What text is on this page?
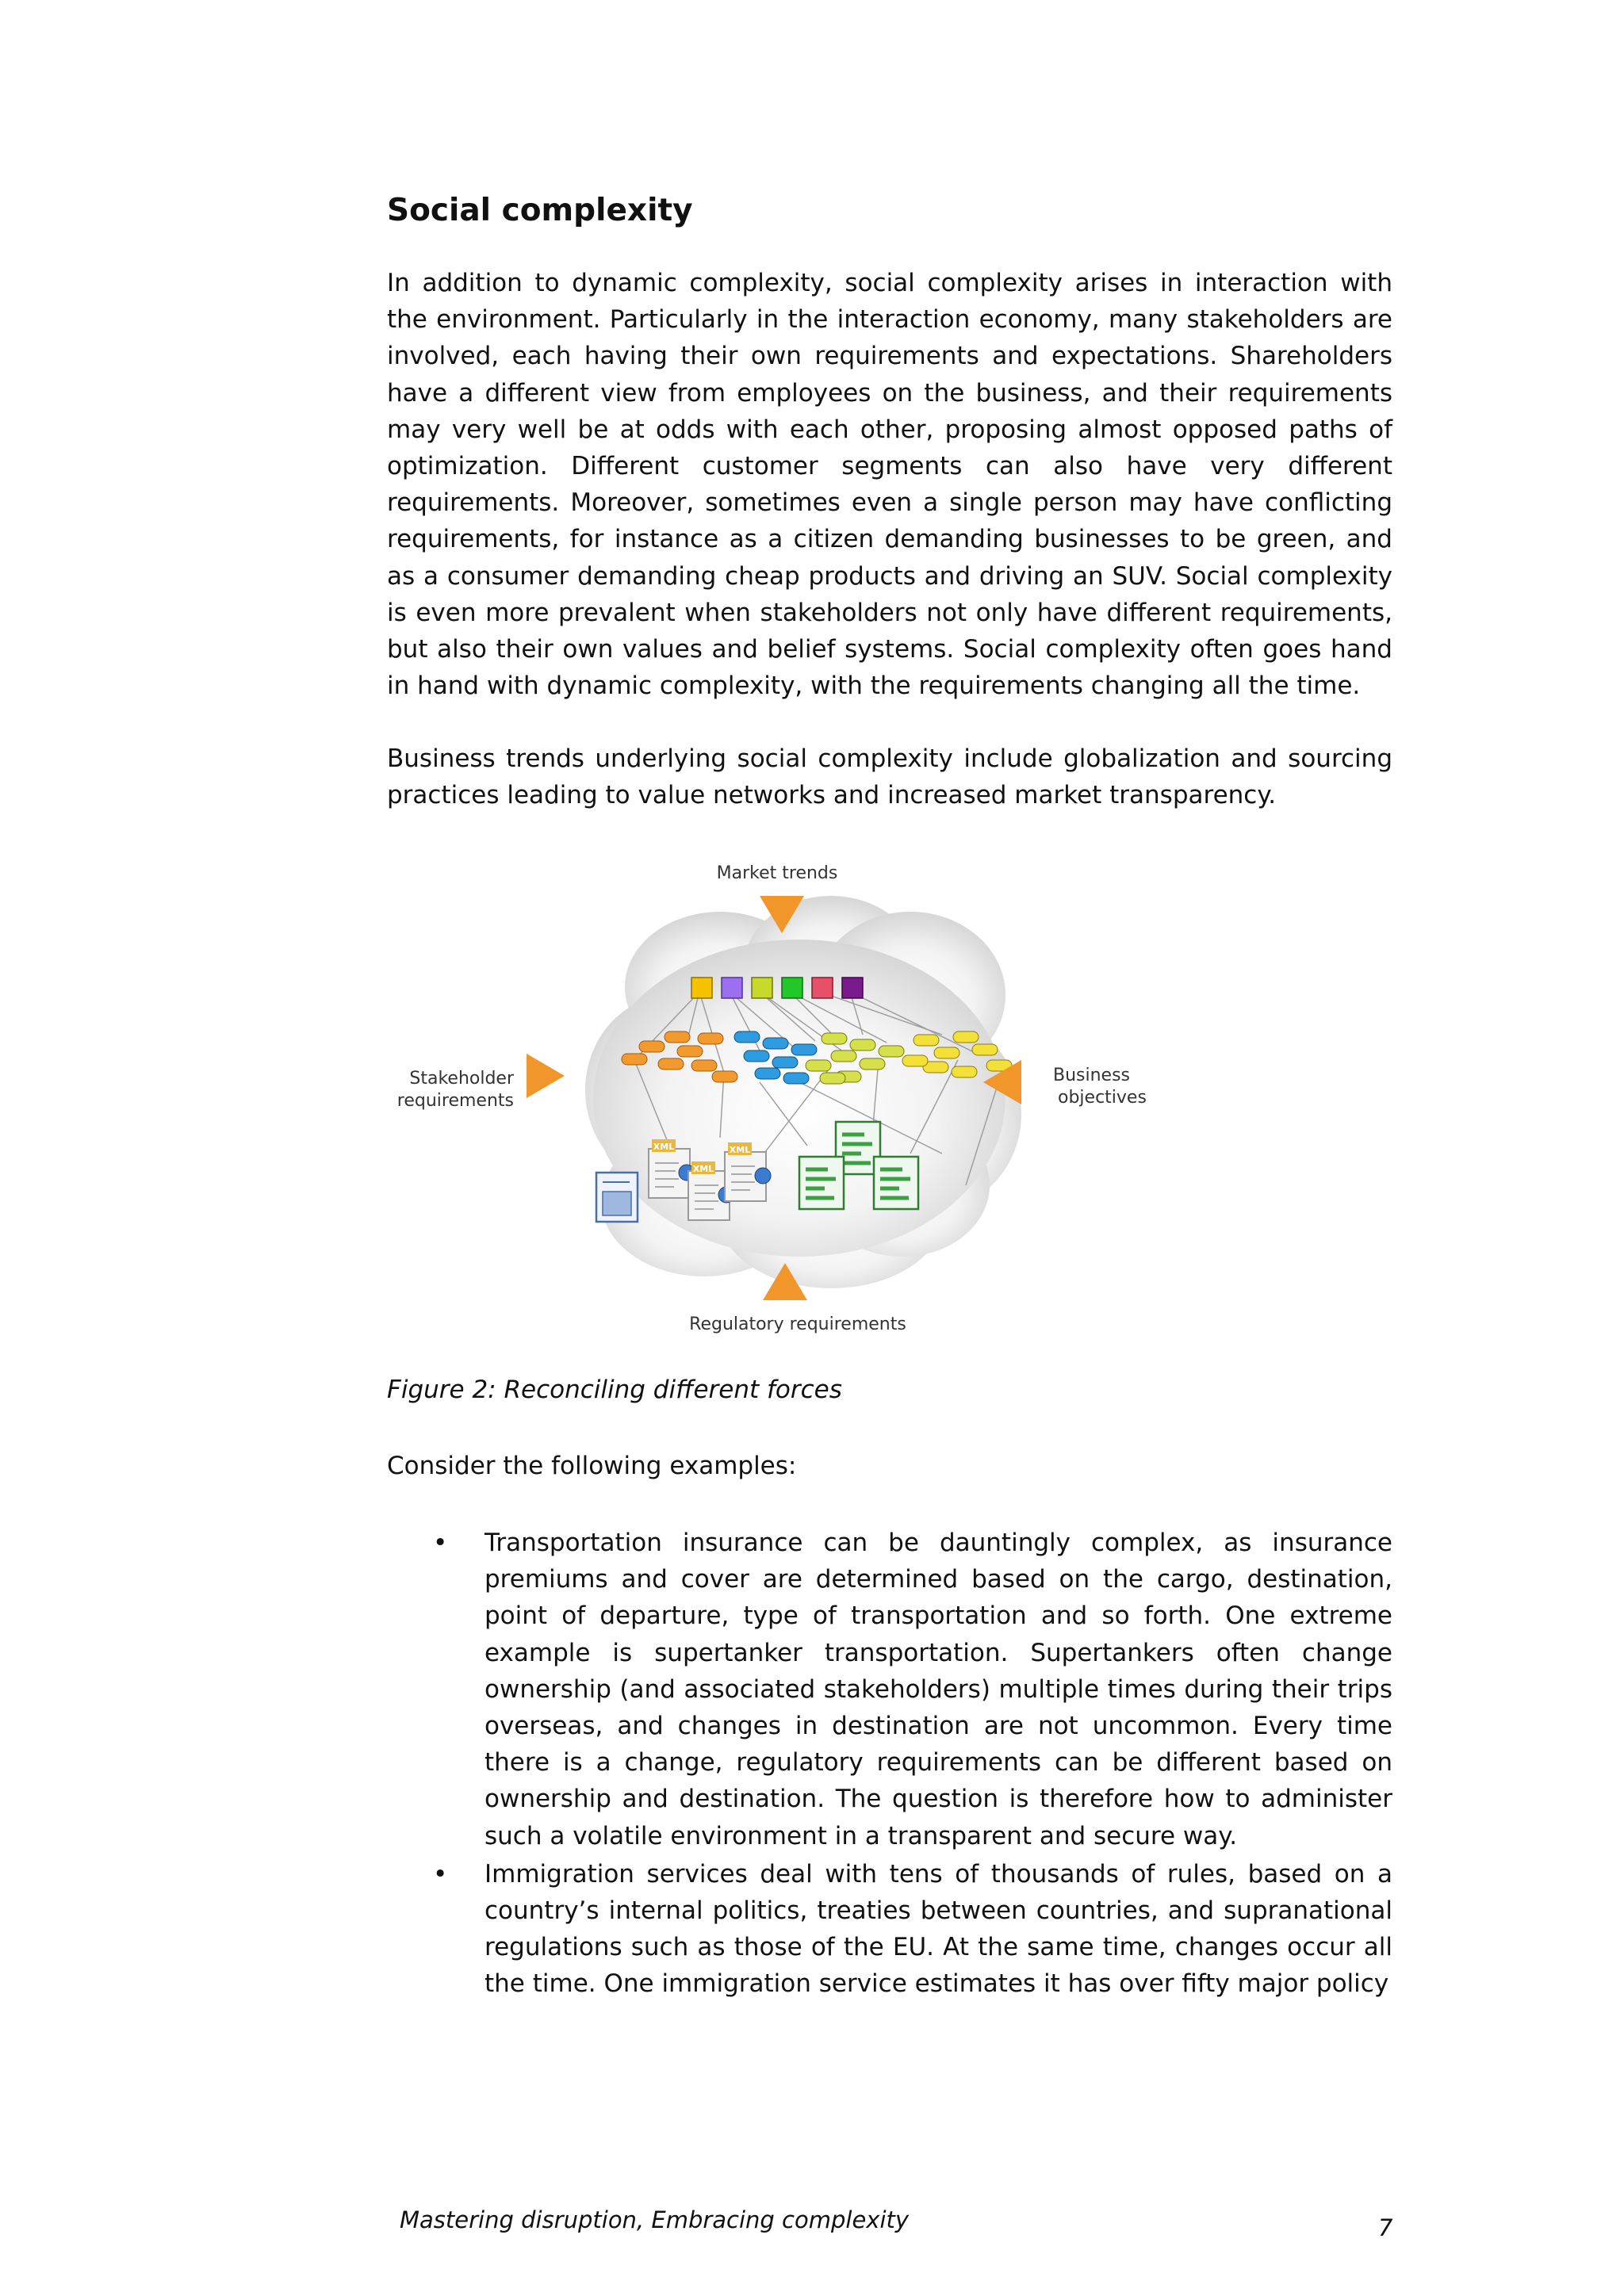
Social complexity

In addition to dynamic complexity, social complexity arises in interaction with the environment. Particularly in the interaction economy, many stakeholders are involved, each having their own requirements and expectations. Shareholders have a different view from employees on the business, and their requirements may very well be at odds with each other, proposing almost opposed paths of optimization. Different customer segments can also have very different requirements. Moreover, sometimes even a single person may have conflicting requirements, for instance as a citizen demanding businesses to be green, and as a consumer demanding cheap products and driving an SUV. Social complexity is even more prevalent when stakeholders not only have different requirements, but also their own values and belief systems. Social complexity often goes hand in hand with dynamic complexity, with the requirements changing all the time.

Business trends underlying social complexity include globalization and sourcing practices leading to value networks and increased market transparency.

XML
XML
XML
Market trends
Stakeholder
requirements
Business
objectives
Regulatory requirements

Figure 2: Reconciling different forces

Consider the following examples:

• Transportation insurance can be dauntingly complex, as insurance premiums and cover are determined based on the cargo, destination, point of departure, type of transportation and so forth. One extreme example is supertanker transportation. Supertankers often change ownership (and associated stakeholders) multiple times during their trips overseas, and changes in destination are not uncommon. Every time there is a change, regulatory requirements can be different based on ownership and destination. The question is therefore how to administer such a volatile environment in a transparent and secure way.
• Immigration services deal with tens of thousands of rules, based on a country’s internal politics, treaties between countries, and supranational regulations such as those of the EU. At the same time, changes occur all the time. One immigration service estimates it has over fifty major policy

Mastering disruption, Embracing complexity	7
